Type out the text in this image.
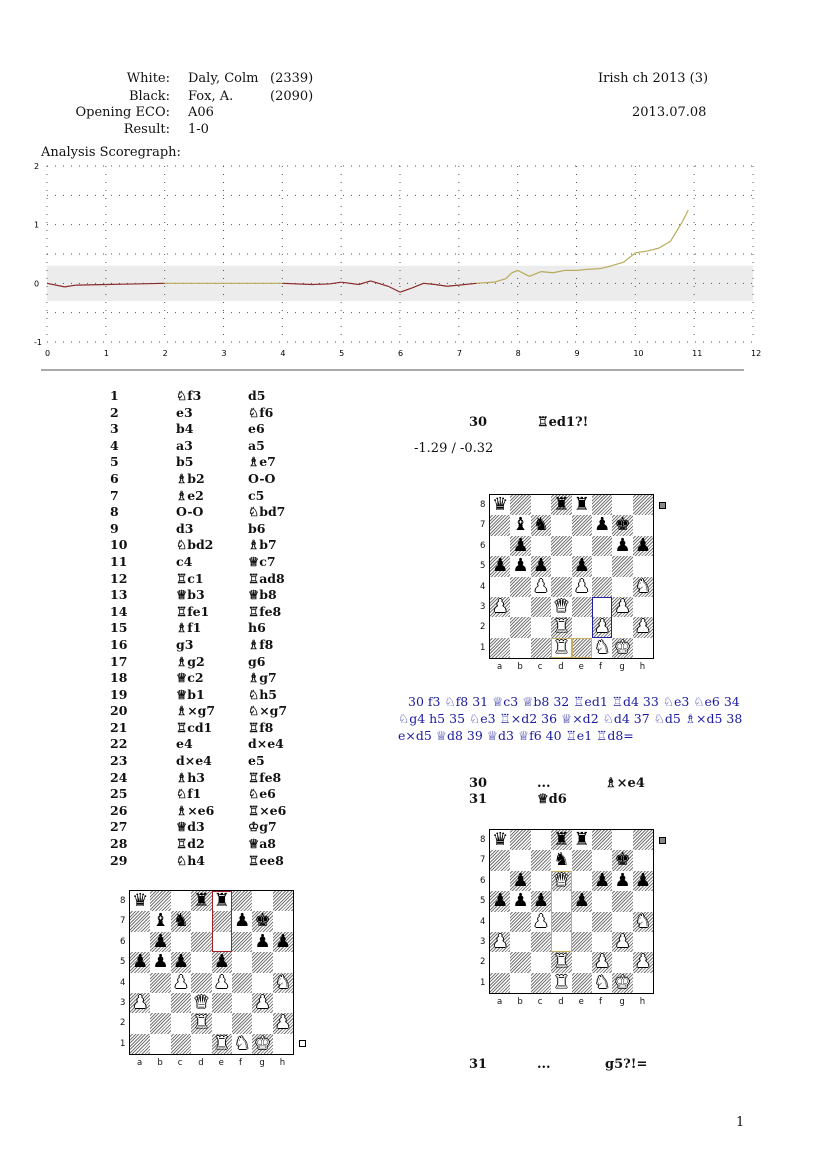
White: Daly, Colm (2339)	Irish ch 2013 (3)
Black: Fox, A.	(2090)
Opening ECO: A06	2013.07.08
Result: 1-0
Analysis Scoregraph:
2
1
0
-1
0	1	2	3	4	5	6	7	8	9	10	11	12
1	♘f3	d5
2	e3	♘f6
3	b4	e6
4	a3	a5
5	b5	♗e7
6	♗b2	O-O
7	♗e2	c5
8	O-O	♘bd7
9	d3	b6
10	♘bd2	♗b7
11	c4	♕c7
12	♖c1	♖ad8
13	♕b3	♕b8
14	♖fe1	♖fe8
15	♗f1	h6
16	g3	♗f8
17	♗g2	g6
18	♕c2	♗g7
19	♕b1	♘h5
20	♗×g7	♘×g7
21	♖cd1	♖f8
22	e4	d×e4
23	d×e4	e5
24	♗h3	♖fe8
25	♘f1	♘e6
26	♗×e6	♖×e6
27	♕d3	♔g7
28	♖d2	♕a8
29	♘h4	♖ee8
30	♖ed1?!
-1.29 / -0.32
30 f3 ♘f8 31 ♕c3 ♕b8 32 ♖ed1 ♖d4 33 ♘e3 ♘e6 34 ♘g4 h5 35 ♘e3 ♖×d2 36 ♕×d2 ♘d4 37 ♘d5 ♗×d5 38 e×d5 ♕d8 39 ♕d3 ♕f6 40 ♖e1 ♖d8=
30	...	♗×e4
31	♕d6
31	...	g5?!=
♛	♜ ♜
♝ ♞	♟ ♚
♟	♟ ♟
♟ ♟ ♟ ♟
♟ ♟	♞
♟	♛	♟
♜	♟
♜ ♞ ♚
♛	♜ ♜
♝ ♞	♟ ♚
♟	♟ ♟
♟ ♟ ♟ ♟
♟ ♟	♞
♟	♛	♟
♜ ♟ ♟
♜ ♞ ♚
♛	♜ ♜
♞	♚
♟ ♛ ♟ ♟ ♟
♟ ♟ ♟ ♟
♟	♞
♟	♟
♜ ♟ ♟
♜ ♞ ♚
1
8
7
6
5
4
3
2
1
a b c d e f g h
8
7
6
5
4
3
2
1
a b c d e f g h
8
7
6
5
4
3
2
1
a b c d e f g h
